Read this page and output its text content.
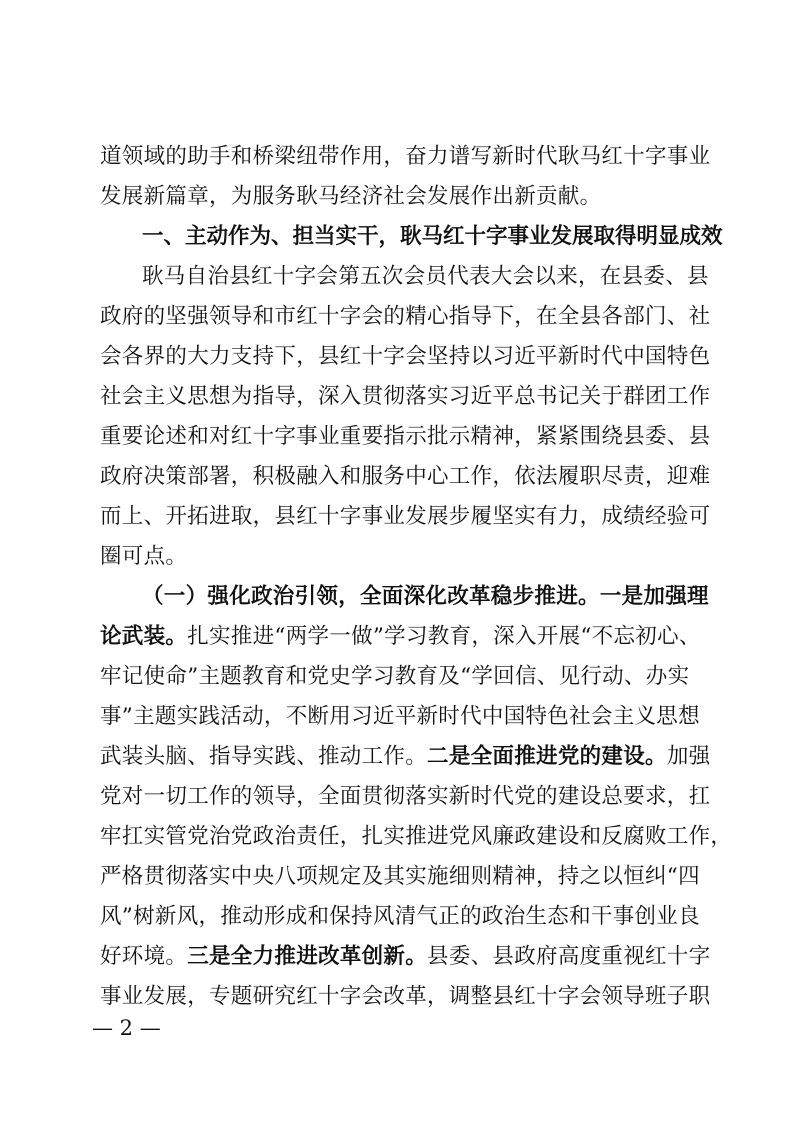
道领域的助手和桥梁纽带作用，奋力谱写新时代耿马红十字事业
发展新篇章，为服务耿马经济社会发展作出新贡献。
一、主动作为、担当实干，耿马红十字事业发展取得明显成效
耿马自治县红十字会第五次会员代表大会以来，在县委、县
政府的坚强领导和市红十字会的精心指导下，在全县各部门、社
会各界的大力支持下，县红十字会坚持以习近平新时代中国特色
社会主义思想为指导，深入贯彻落实习近平总书记关于群团工作
重要论述和对红十字事业重要指示批示精神，紧紧围绕县委、县
政府决策部署，积极融入和服务中心工作，依法履职尽责，迎难
而上、开拓进取，县红十字事业发展步履坚实有力，成绩经验可
圈可点。
（一）强化政治引领，全面深化改革稳步推进。一是加强理
论武装。扎实推进“两学一做”学习教育，深入开展“不忘初心、
牢记使命”主题教育和党史学习教育及“学回信、见行动、办实
事”主题实践活动，不断用习近平新时代中国特色社会主义思想
武装头脑、指导实践、推动工作。二是全面推进党的建设。加强
党对一切工作的领导，全面贯彻落实新时代党的建设总要求，扛
牢扛实管党治党政治责任，扎实推进党风廉政建设和反腐败工作，
严格贯彻落实中央八项规定及其实施细则精神，持之以恒纠“四
风”树新风，推动形成和保持风清气正的政治生态和干事创业良
好环境。三是全力推进改革创新。县委、县政府高度重视红十字
事业发展，专题研究红十字会改革，调整县红十字会领导班子职
— 2 —
